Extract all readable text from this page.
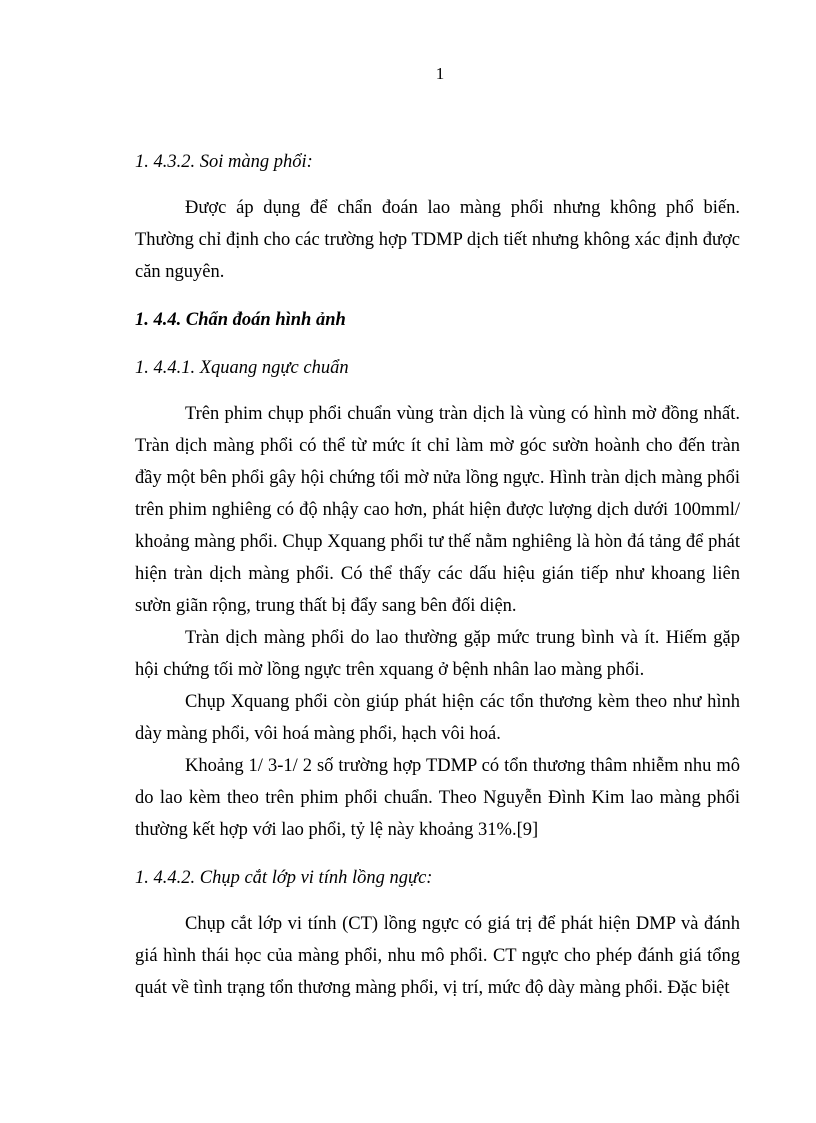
1

1. 4.3.2. Soi màng phổi:

Được áp dụng để chẩn đoán lao màng phổi nhưng không phổ biến. Thường chỉ định cho các trường hợp TDMP dịch tiết nhưng không xác định được căn nguyên.

1. 4.4. Chẩn đoán hình ảnh

1. 4.4.1. Xquang ngực chuẩn

Trên phim chụp phổi chuẩn vùng tràn dịch là vùng có hình mờ đồng nhất. Tràn dịch màng phổi có thể từ mức ít chỉ làm mờ góc sườn hoành cho đến tràn đầy một bên phổi gây hội chứng tối mờ nửa lồng ngực. Hình tràn dịch màng phổi trên phim nghiêng có độ nhậy cao hơn, phát hiện được lượng dịch dưới 100mml/ khoảng màng phổi. Chụp Xquang phổi tư thế nằm nghiêng là hòn đá tảng để phát hiện tràn dịch màng phổi. Có thể thấy các dấu hiệu gián tiếp như khoang liên sườn giãn rộng, trung thất bị đẩy sang bên đối diện.

Tràn dịch màng phổi do lao thường gặp mức trung bình và ít. Hiếm gặp hội chứng tối mờ lồng ngực trên xquang ở bệnh nhân lao màng phổi.

Chụp Xquang phổi còn giúp phát hiện các tổn thương kèm theo như hình dày màng phổi, vôi hoá màng phổi, hạch vôi hoá.

Khoảng 1/ 3-1/ 2 số trường hợp TDMP có tổn thương thâm nhiễm nhu mô do lao kèm theo trên phim phổi chuẩn. Theo Nguyễn Đình Kim lao màng phổi thường kết hợp với lao phổi, tỷ lệ này khoảng 31%.[9]

1. 4.4.2. Chụp cắt lớp vi tính lồng ngực:

Chụp cắt lớp vi tính (CT) lồng ngực có giá trị để phát hiện DMP và đánh giá hình thái học của màng phổi, nhu mô phổi. CT ngực cho phép đánh giá tổng quát về tình trạng tổn thương màng phổi, vị trí, mức độ dày màng phổi. Đặc biệt
